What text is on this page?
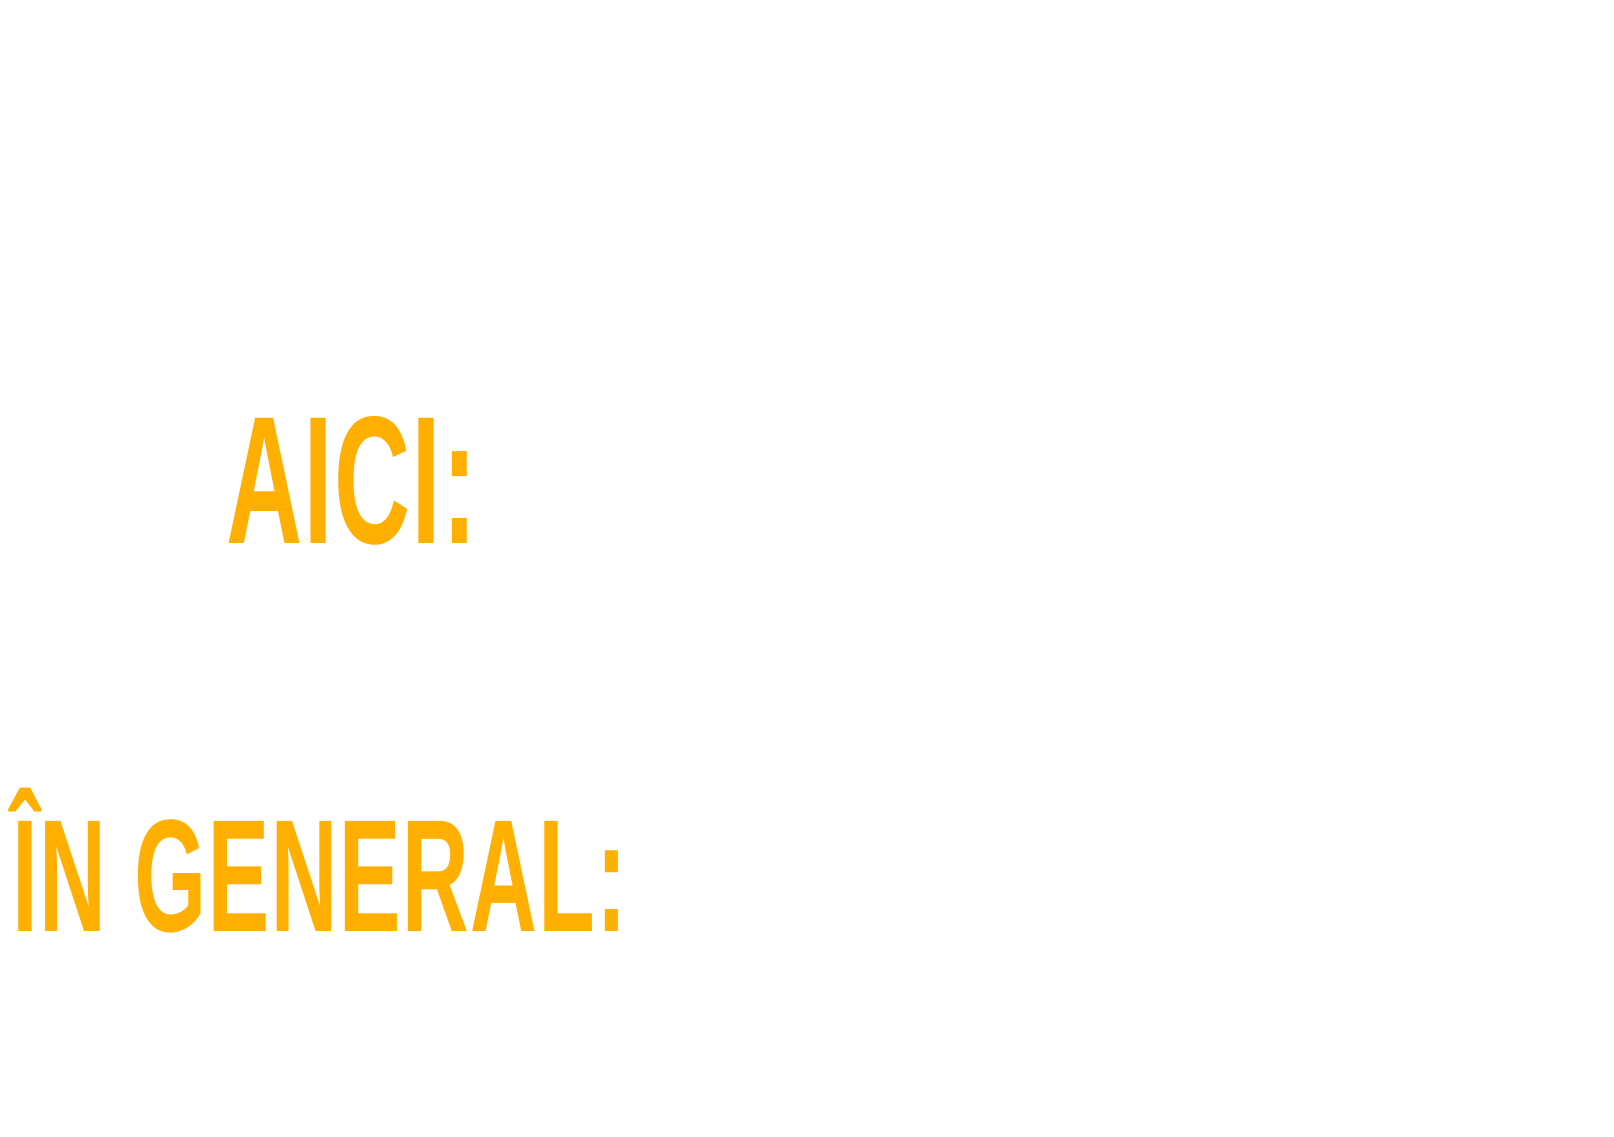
AICI:
ÎN GENERAL:
